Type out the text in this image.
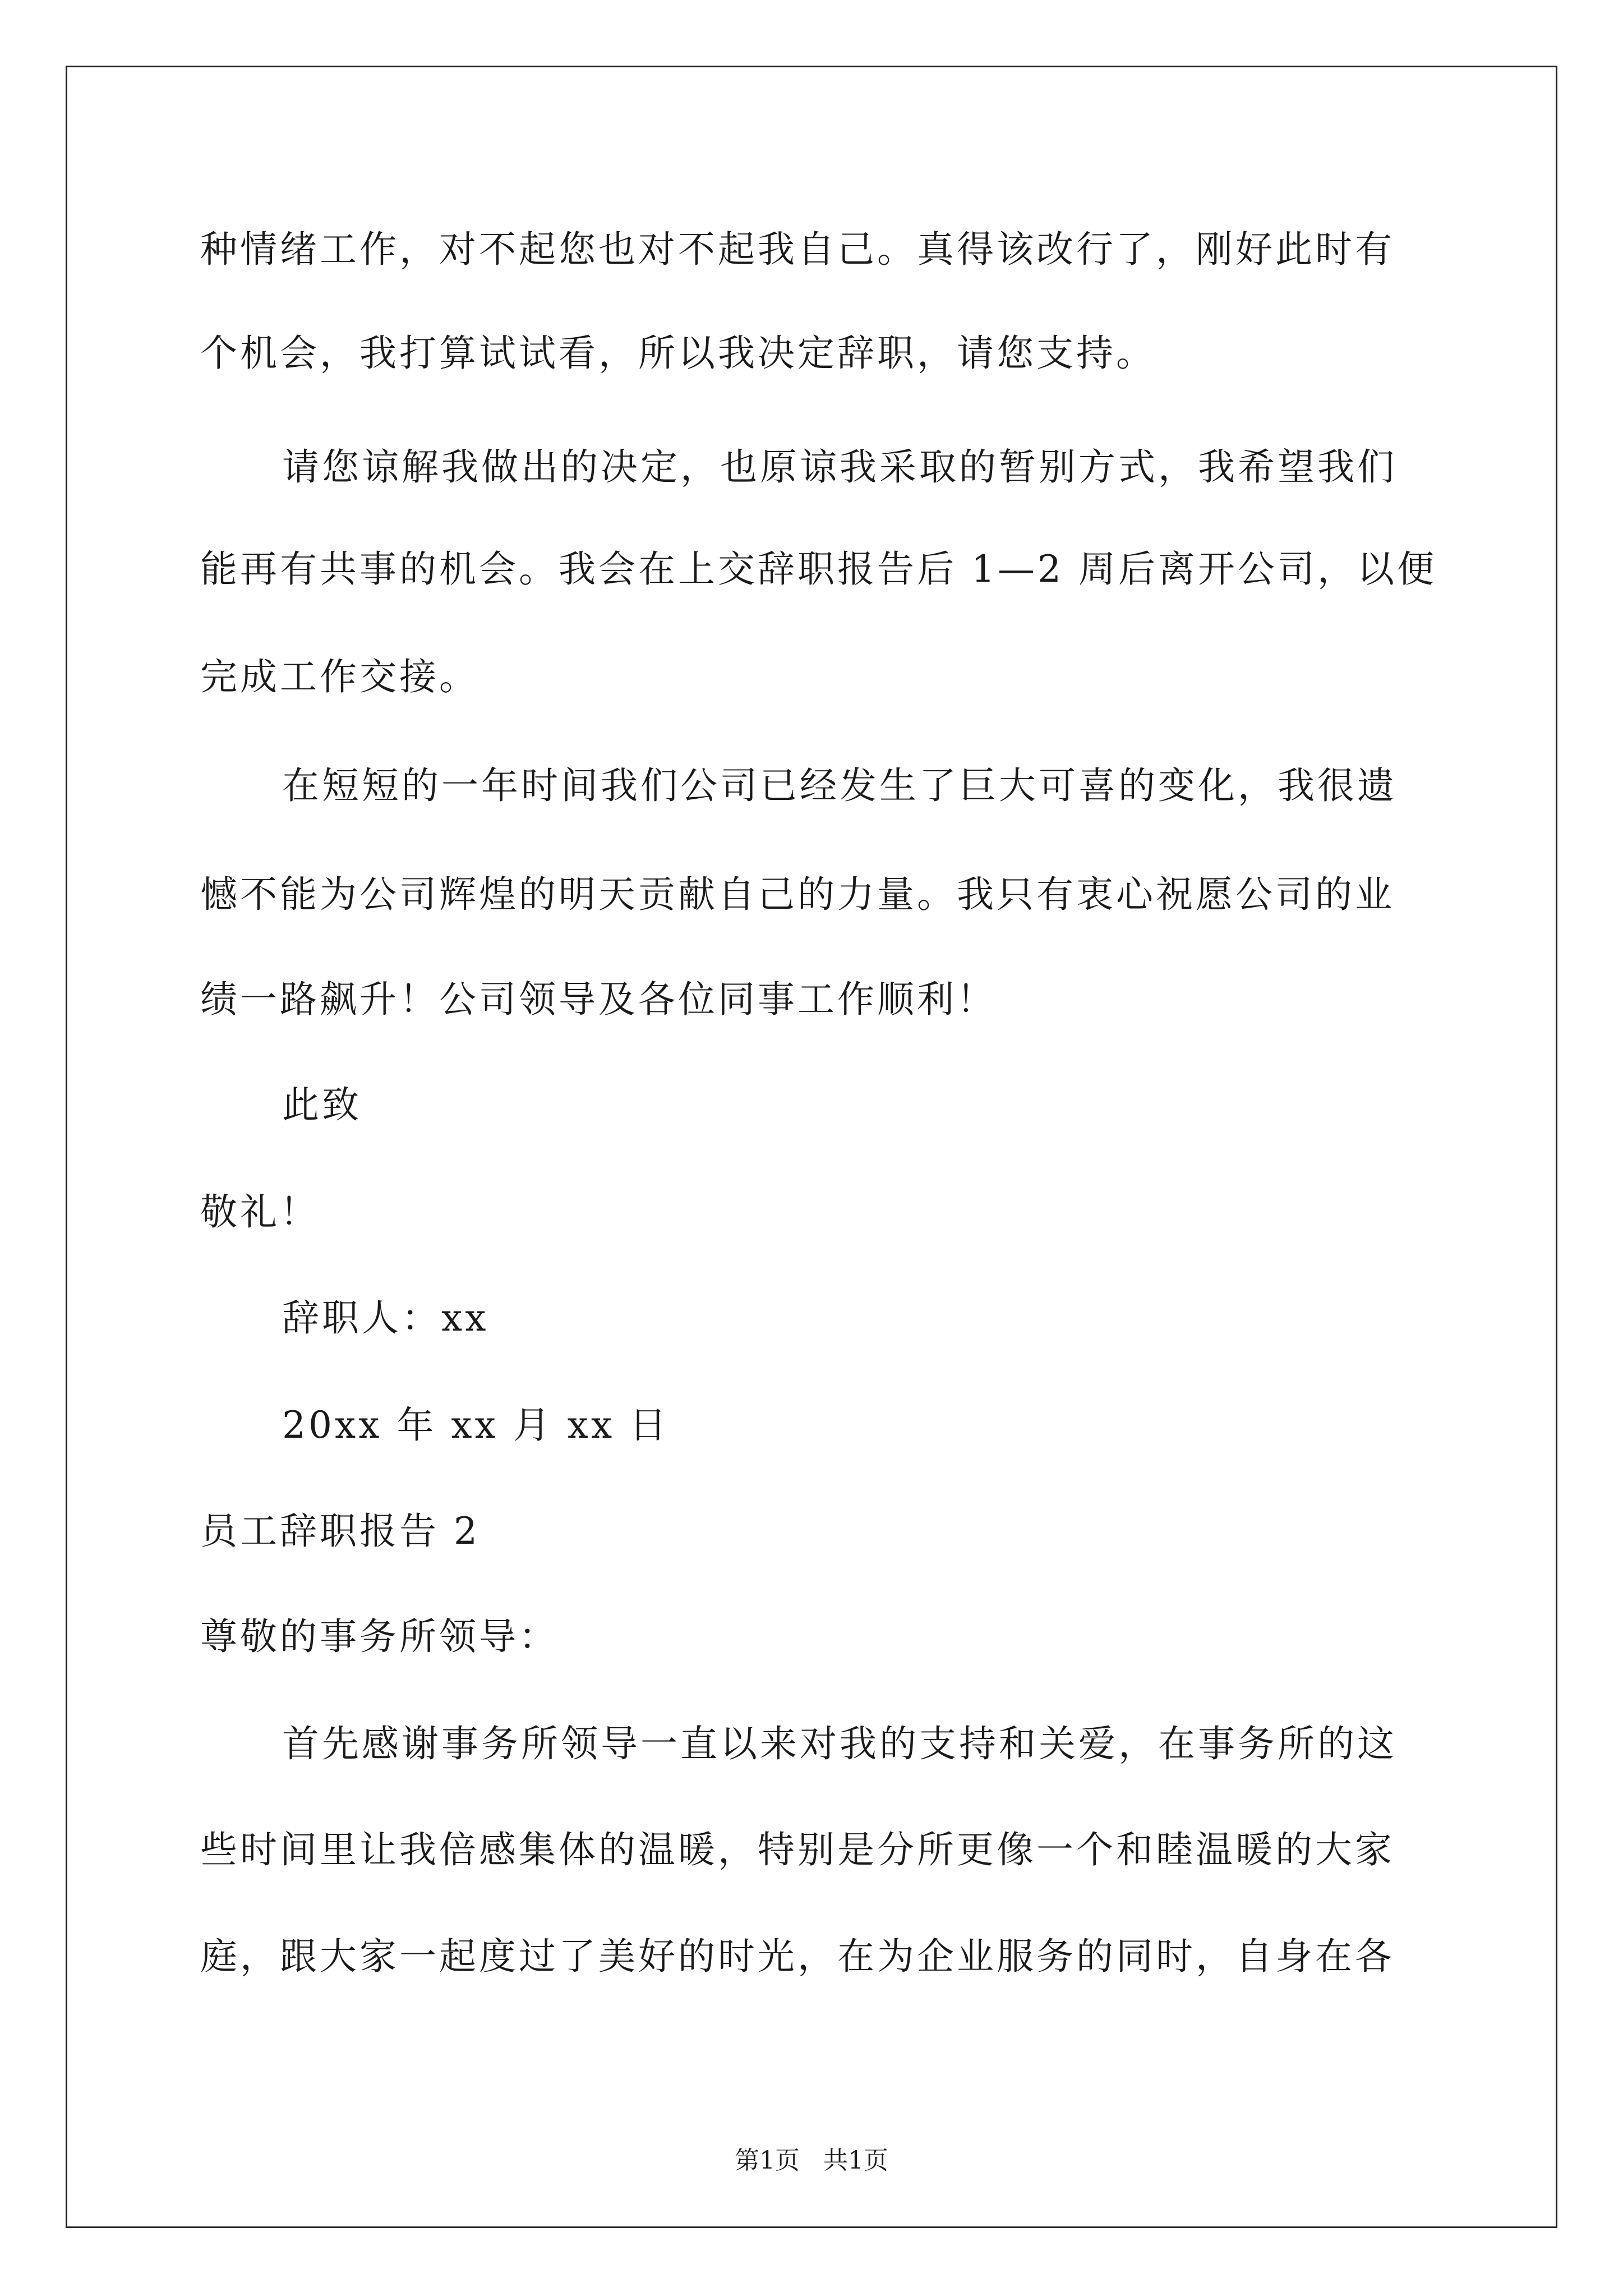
种情绪工作，对不起您也对不起我自己。真得该改行了，刚好此时有
个机会，我打算试试看，所以我决定辞职，请您支持。
请您谅解我做出的决定，也原谅我采取的暂别方式，我希望我们
能再有共事的机会。我会在上交辞职报告后 1—2 周后离开公司，以便
完成工作交接。
在短短的一年时间我们公司已经发生了巨大可喜的变化，我很遗
憾不能为公司辉煌的明天贡献自己的力量。我只有衷心祝愿公司的业
绩一路飙升！公司领导及各位同事工作顺利！
此致
敬礼！
辞职人：xx
20xx 年 xx 月 xx 日
员工辞职报告 2
尊敬的事务所领导：
首先感谢事务所领导一直以来对我的支持和关爱，在事务所的这
些时间里让我倍感集体的温暖，特别是分所更像一个和睦温暖的大家
庭，跟大家一起度过了美好的时光，在为企业服务的同时，自身在各
第1页   共1页
